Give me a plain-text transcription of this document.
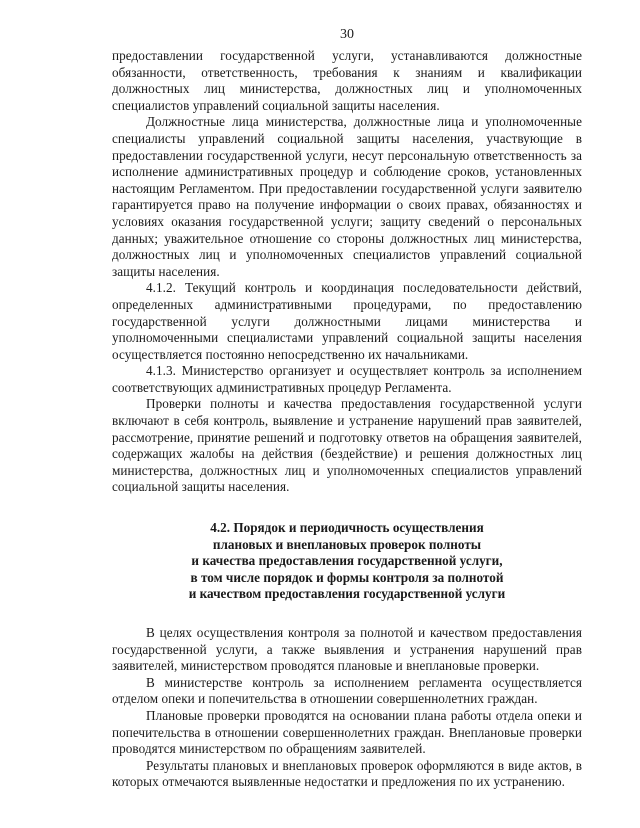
30

предоставлении государственной услуги, устанавливаются должностные обязанности, ответственность, требования к знаниям и квалификации должностных лиц министерства, должностных лиц и уполномоченных специалистов управлений социальной защиты населения.

Должностные лица министерства, должностные лица и уполномоченные специалисты управлений социальной защиты населения, участвующие в предоставлении государственной услуги, несут персональную ответственность за исполнение административных процедур и соблюдение сроков, установленных настоящим Регламентом. При предоставлении государственной услуги заявителю гарантируется право на получение информации о своих правах, обязанностях и условиях оказания государственной услуги; защиту сведений о персональных данных; уважительное отношение со стороны должностных лиц министерства, должностных лиц и уполномоченных специалистов управлений социальной защиты населения.

4.1.2. Текущий контроль и координация последовательности действий, определенных административными процедурами, по предоставлению государственной услуги должностными лицами министерства и уполномоченными специалистами управлений социальной защиты населения осуществляется постоянно непосредственно их начальниками.

4.1.3. Министерство организует и осуществляет контроль за исполнением соответствующих административных процедур Регламента.

Проверки полноты и качества предоставления государственной услуги включают в себя контроль, выявление и устранение нарушений прав заявителей, рассмотрение, принятие решений и подготовку ответов на обращения заявителей, содержащих жалобы на действия (бездействие) и решения должностных лиц министерства, должностных лиц и уполномоченных специалистов управлений социальной защиты населения.

4.2. Порядок и периодичность осуществления
плановых и внеплановых проверок полноты
и качества предоставления государственной услуги,
в том числе порядок и формы контроля за полнотой
и качеством предоставления государственной услуги

В целях осуществления контроля за полнотой и качеством предоставления государственной услуги, а также выявления и устранения нарушений прав заявителей, министерством проводятся плановые и внеплановые проверки.

В министерстве контроль за исполнением регламента осуществляется отделом опеки и попечительства в отношении совершеннолетних граждан.

Плановые проверки проводятся на основании плана работы отдела опеки и попечительства в отношении совершеннолетних граждан. Внеплановые проверки проводятся министерством по обращениям заявителей.

Результаты плановых и внеплановых проверок оформляются в виде актов, в которых отмечаются выявленные недостатки и предложения по их устранению.
